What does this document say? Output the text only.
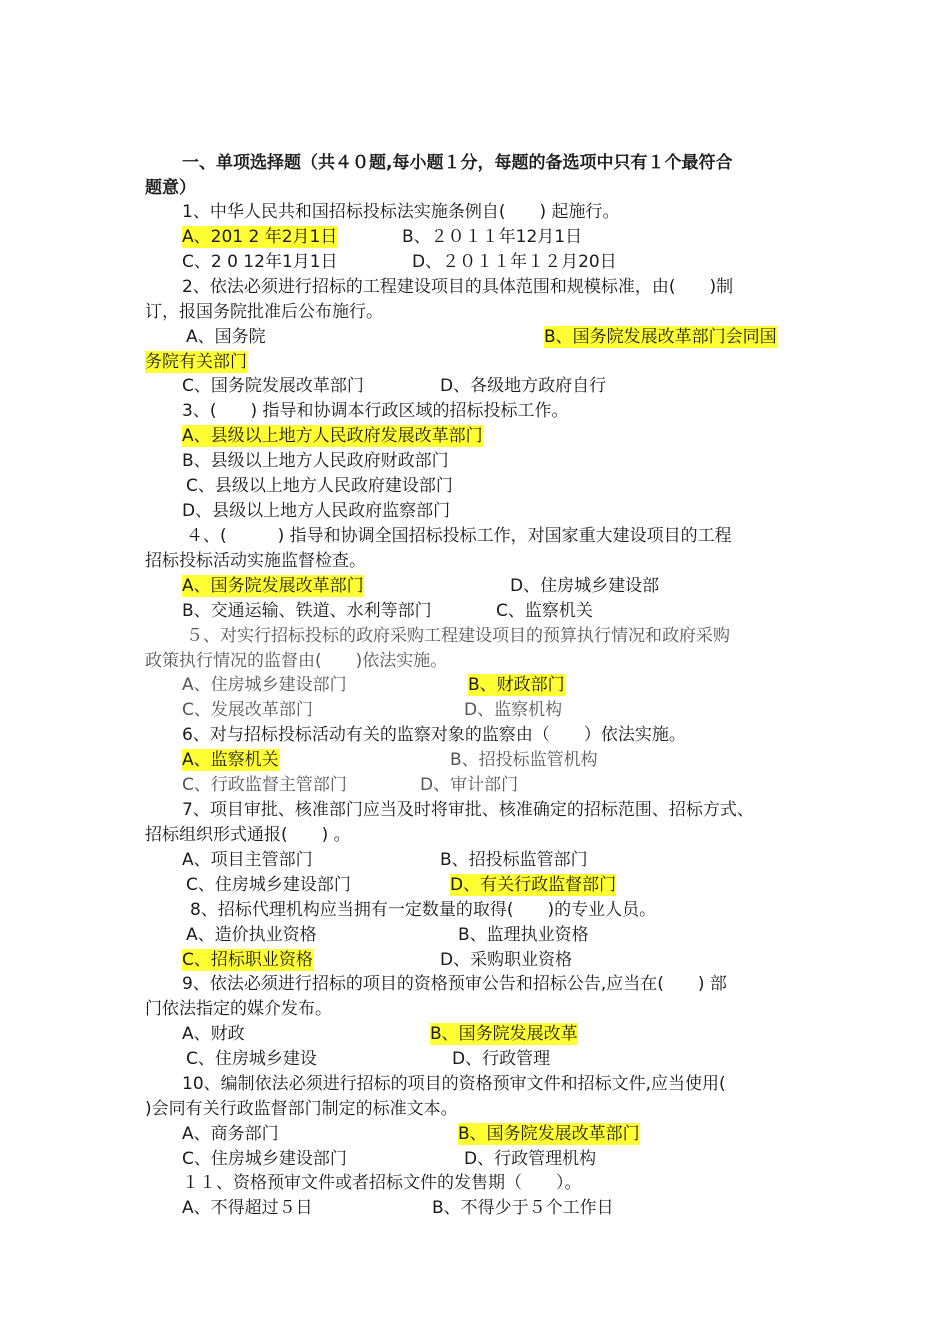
一、单项选择题（共４０题,每小题１分，每题的备选项中只有１个最符合
题意）
1、中华人民共和国招标投标法实施条例自(　　) 起施行。
A、201 2 年2月1日	B、２０１１年12月1日
C、2 0 12年1月1日	D、２０１１年１２月20日
2、依法必须进行招标的工程建设项目的具体范围和规模标准，由(　　)制
订，报国务院批准后公布施行。
A、国务院	B、国务院发展改革部门会同国
务院有关部门
C、国务院发展改革部门	D、各级地方政府自行
3、(　　) 指导和协调本行政区域的招标投标工作。
A、县级以上地方人民政府发展改革部门
B、县级以上地方人民政府财政部门
C、县级以上地方人民政府建设部门
D、县级以上地方人民政府监察部门
４、(　　　) 指导和协调全国招标投标工作，对国家重大建设项目的工程
招标投标活动实施监督检查。
A、国务院发展改革部门	D、住房城乡建设部
B、交通运输、铁道、水利等部门	C、监察机关
５、对实行招标投标的政府采购工程建设项目的预算执行情况和政府采购
政策执行情况的监督由(　　)依法实施。
A、住房城乡建设部门	B、财政部门
C、发展改革部门	D、监察机构
6、对与招标投标活动有关的监察对象的监察由（　　）依法实施。
A、监察机关	B、招投标监管机构
C、行政监督主管部门	D、审计部门
7、项目审批、核准部门应当及时将审批、核准确定的招标范围、招标方式、
招标组织形式通报(　　) 。
A、项目主管部门	B、招投标监管部门
C、住房城乡建设部门	D、有关行政监督部门
8、招标代理机构应当拥有一定数量的取得(　　)的专业人员。
A、造价执业资格	B、监理执业资格
C、招标职业资格	D、采购职业资格
9、依法必须进行招标的项目的资格预审公告和招标公告,应当在(　　) 部
门依法指定的媒介发布。
A、财政	B、国务院发展改革
C、住房城乡建设	D、行政管理
10、编制依法必须进行招标的项目的资格预审文件和招标文件,应当使用(
)会同有关行政监督部门制定的标准文本。
A、商务部门	B、国务院发展改革部门
C、住房城乡建设部门	D、行政管理机构
１１、资格预审文件或者招标文件的发售期（　　）。
A、不得超过５日	B、不得少于５个工作日
